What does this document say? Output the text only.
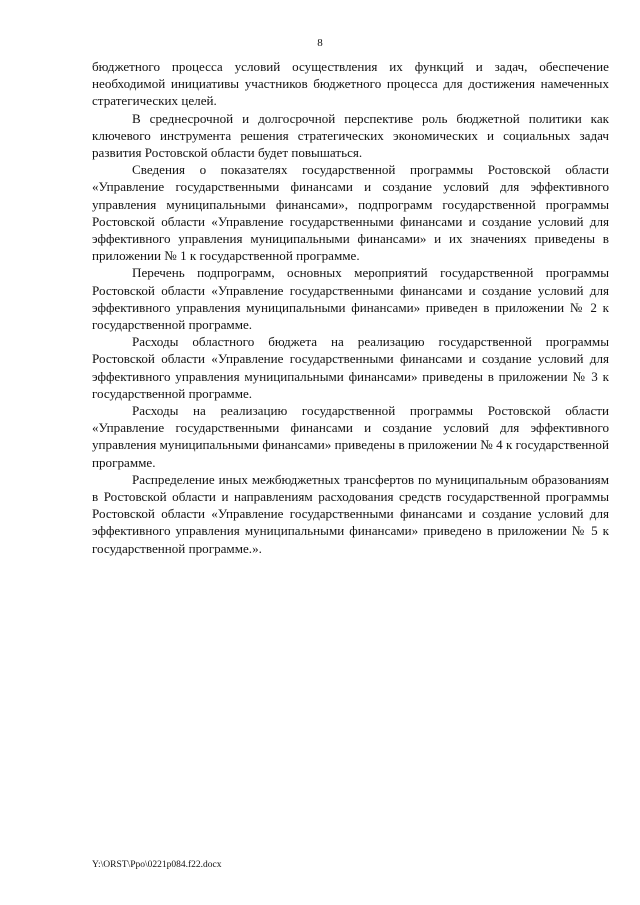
8

бюджетного процесса условий осуществления их функций и задач, обеспечение необходимой инициативы участников бюджетного процесса для достижения намеченных стратегических целей.

В среднесрочной и долгосрочной перспективе роль бюджетной политики как ключевого инструмента решения стратегических экономических и социальных задач развития Ростовской области будет повышаться.

Сведения о показателях государственной программы Ростовской области «Управление государственными финансами и создание условий для эффективного управления муниципальными финансами», подпрограмм государственной программы Ростовской области «Управление государственными финансами и создание условий для эффективного управления муниципальными финансами» и их значениях приведены в приложении № 1 к государственной программе.

Перечень подпрограмм, основных мероприятий государственной программы Ростовской области «Управление государственными финансами и создание условий для эффективного управления муниципальными финансами» приведен в приложении № 2 к государственной программе.

Расходы областного бюджета на реализацию государственной программы Ростовской области «Управление государственными финансами и создание условий для эффективного управления муниципальными финансами» приведены в приложении № 3 к государственной программе.

Расходы на реализацию государственной программы Ростовской области «Управление государственными финансами и создание условий для эффективного управления муниципальными финансами» приведены в приложении № 4 к государственной программе.

Распределение иных межбюджетных трансфертов по муниципальным образованиям в Ростовской области и направлениям расходования средств государственной программы Ростовской области «Управление государственными финансами и создание условий для эффективного управления муниципальными финансами» приведено в приложении № 5 к государственной программе.».

Y:\ORST\Ppo\0221p084.f22.docx
